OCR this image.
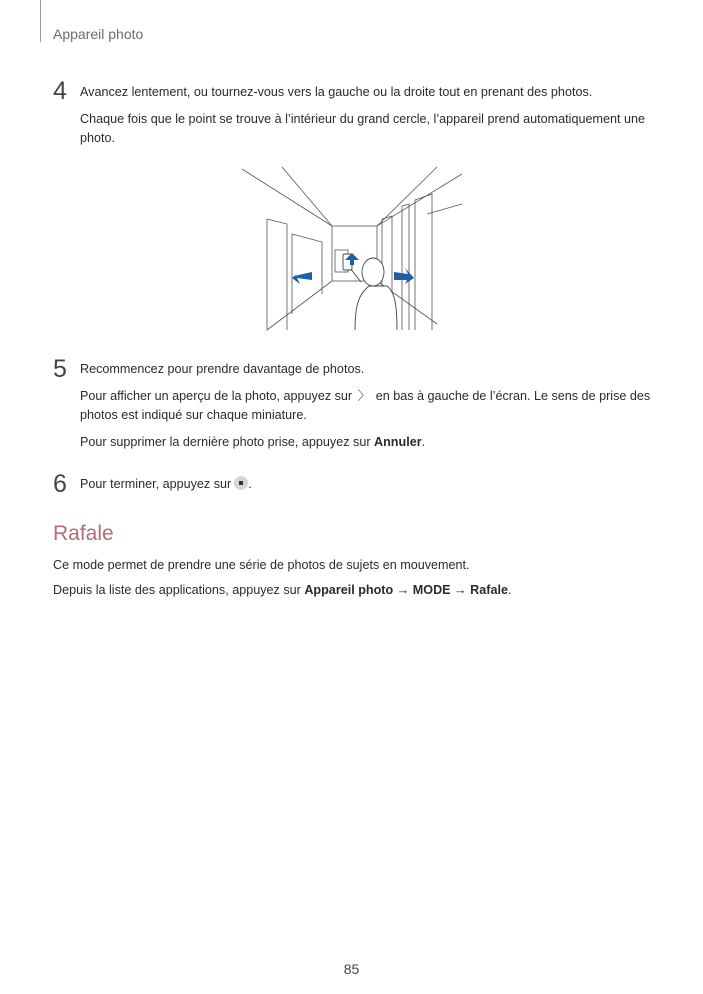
Appareil photo
4 Avancez lentement, ou tournez-vous vers la gauche ou la droite tout en prenant des photos.

Chaque fois que le point se trouve à l’intérieur du grand cercle, l’appareil prend automatiquement une photo.

5 Recommencez pour prendre davantage de photos.

Pour afficher un aperçu de la photo, appuyez sur 〉 en bas à gauche de l’écran. Le sens de prise des photos est indiqué sur chaque miniature.

Pour supprimer la dernière photo prise, appuyez sur Annuler.

6 Pour terminer, appuyez sur .

Rafale
Ce mode permet de prendre une série de photos de sujets en mouvement.
Depuis la liste des applications, appuyez sur Appareil photo → MODE → Rafale.
85
